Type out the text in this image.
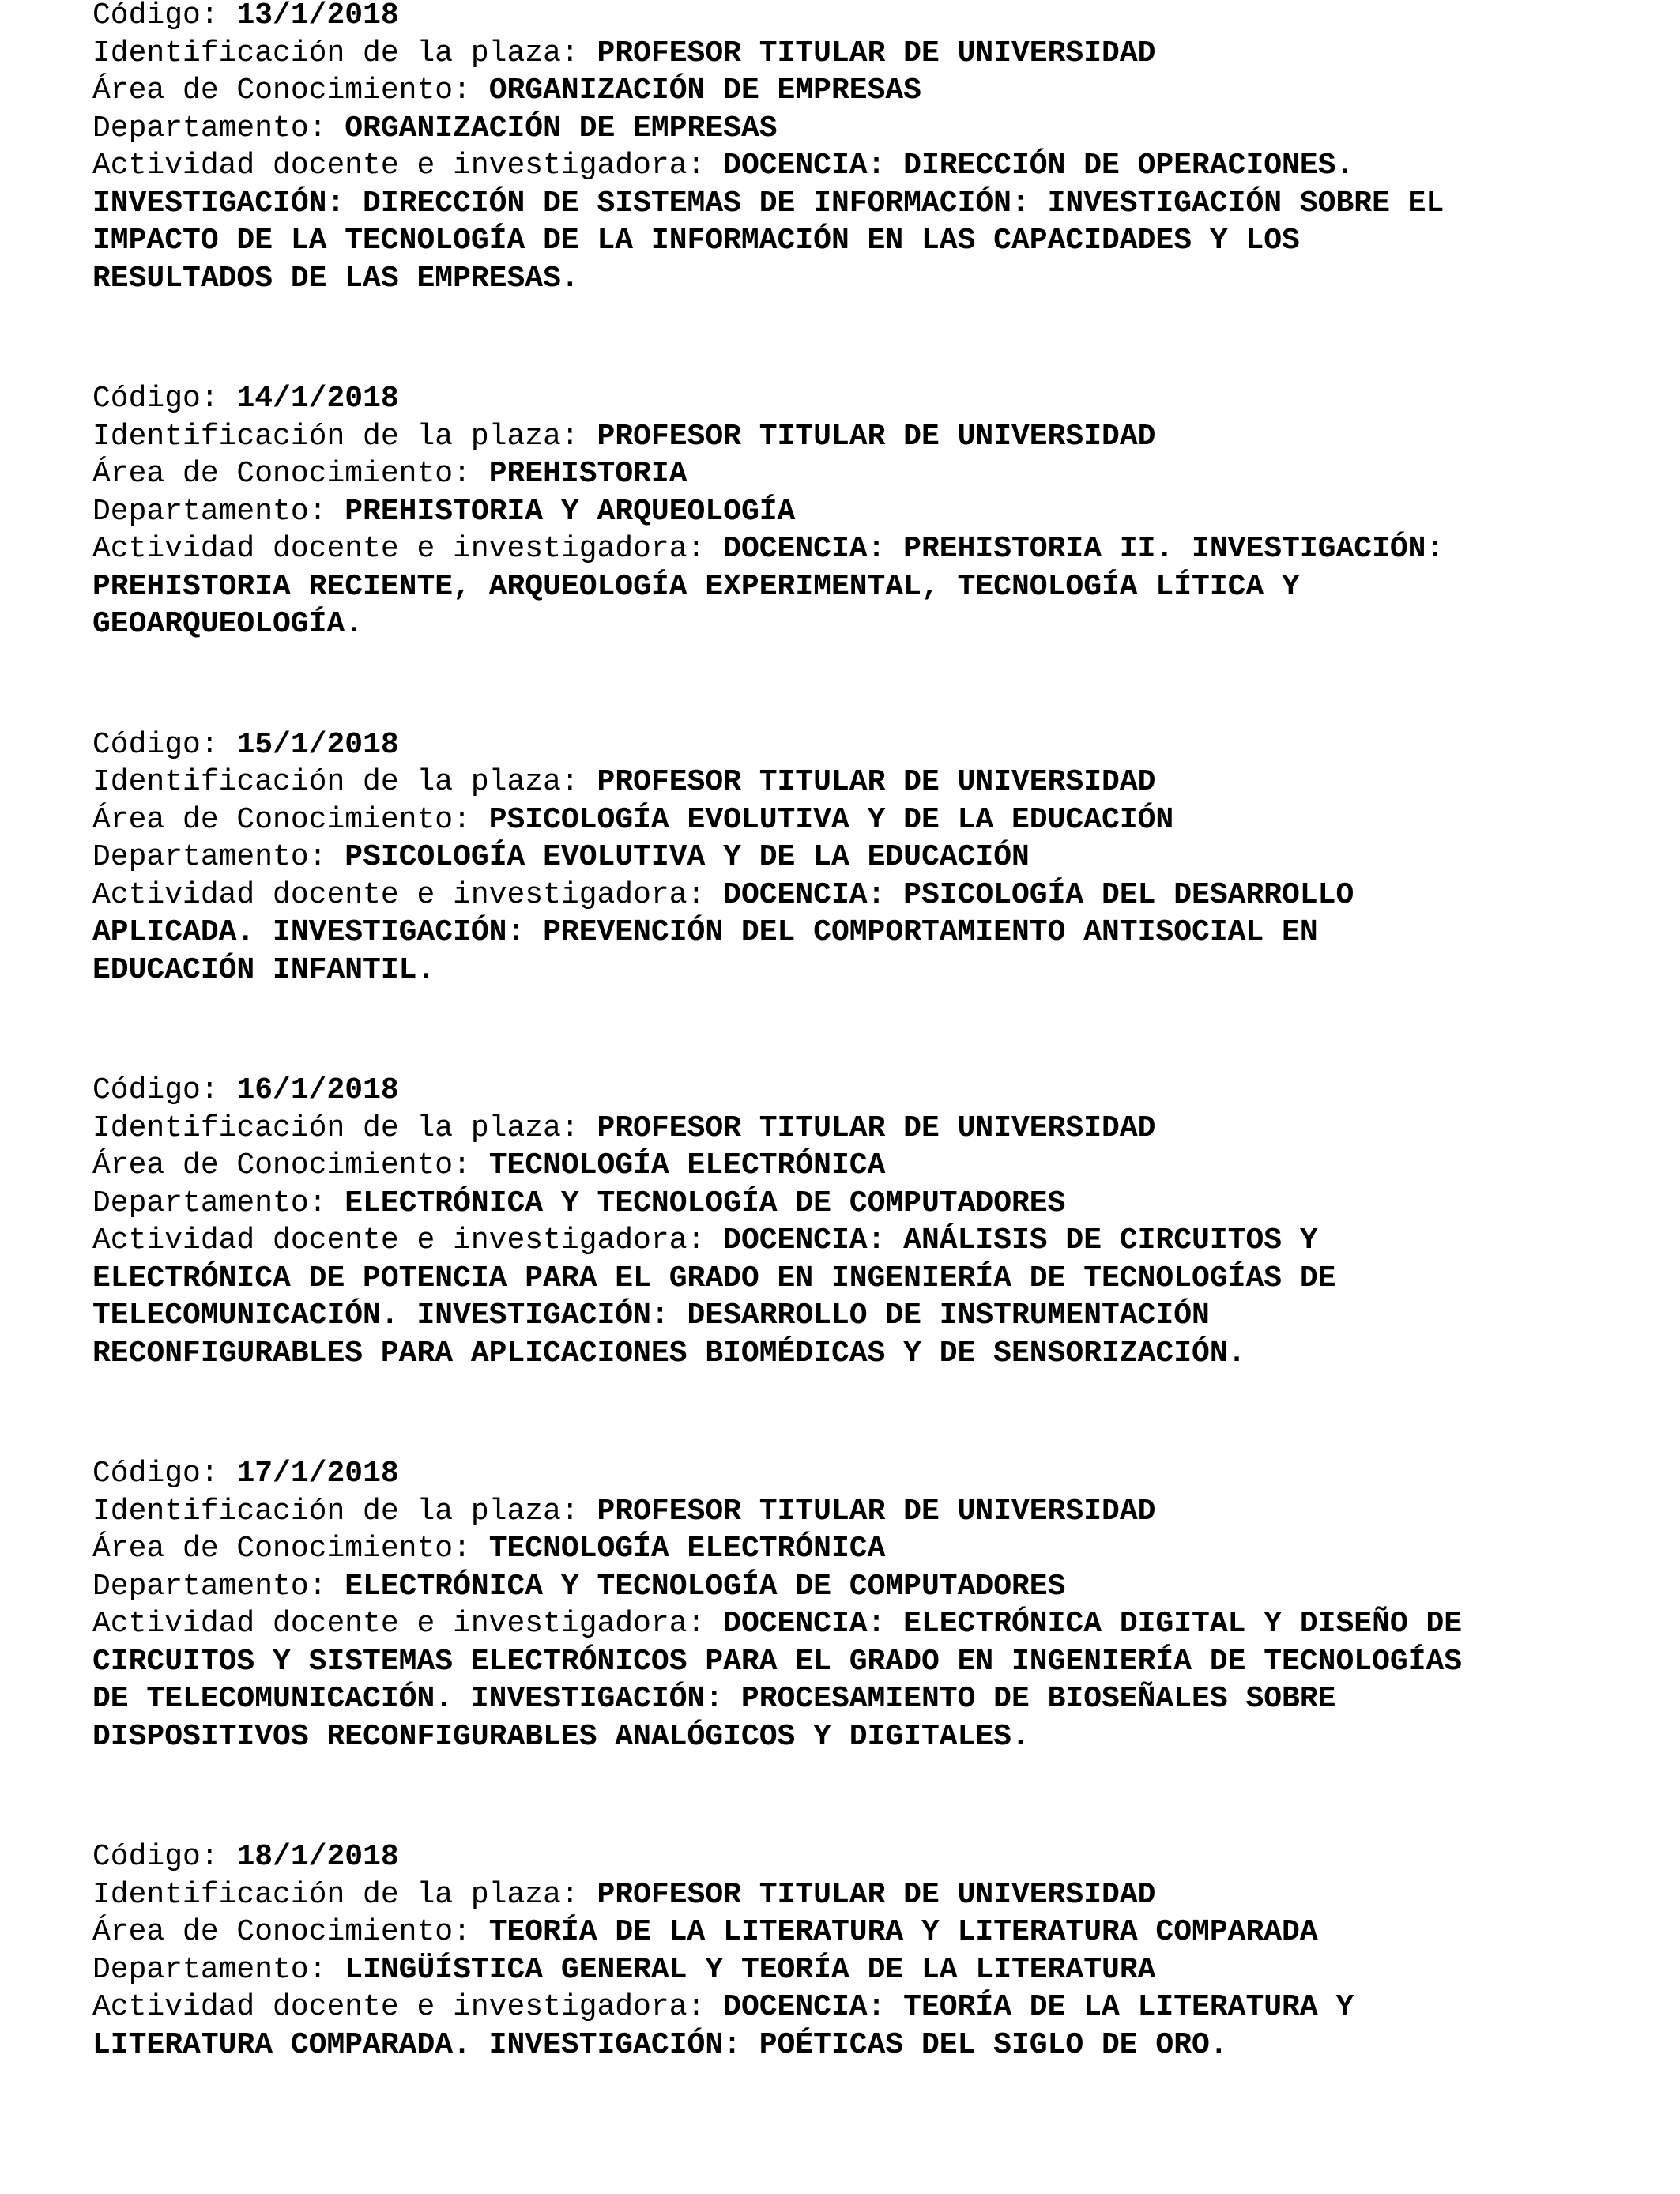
Código: 13/1/2018
Identificación de la plaza: PROFESOR TITULAR DE UNIVERSIDAD
Área de Conocimiento: ORGANIZACIÓN DE EMPRESAS
Departamento: ORGANIZACIÓN DE EMPRESAS
Actividad docente e investigadora: DOCENCIA: DIRECCIÓN DE OPERACIONES.
INVESTIGACIÓN: DIRECCIÓN DE SISTEMAS DE INFORMACIÓN: INVESTIGACIÓN SOBRE EL
IMPACTO DE LA TECNOLOGÍA DE LA INFORMACIÓN EN LAS CAPACIDADES Y LOS
RESULTADOS DE LAS EMPRESAS.
Código: 14/1/2018
Identificación de la plaza: PROFESOR TITULAR DE UNIVERSIDAD
Área de Conocimiento: PREHISTORIA
Departamento: PREHISTORIA Y ARQUEOLOGÍA
Actividad docente e investigadora: DOCENCIA: PREHISTORIA II. INVESTIGACIÓN:
PREHISTORIA RECIENTE, ARQUEOLOGÍA EXPERIMENTAL, TECNOLOGÍA LÍTICA Y
GEOARQUEOLOGÍA.
Código: 15/1/2018
Identificación de la plaza: PROFESOR TITULAR DE UNIVERSIDAD
Área de Conocimiento: PSICOLOGÍA EVOLUTIVA Y DE LA EDUCACIÓN
Departamento: PSICOLOGÍA EVOLUTIVA Y DE LA EDUCACIÓN
Actividad docente e investigadora: DOCENCIA: PSICOLOGÍA DEL DESARROLLO
APLICADA. INVESTIGACIÓN: PREVENCIÓN DEL COMPORTAMIENTO ANTISOCIAL EN
EDUCACIÓN INFANTIL.
Código: 16/1/2018
Identificación de la plaza: PROFESOR TITULAR DE UNIVERSIDAD
Área de Conocimiento: TECNOLOGÍA ELECTRÓNICA
Departamento: ELECTRÓNICA Y TECNOLOGÍA DE COMPUTADORES
Actividad docente e investigadora: DOCENCIA: ANÁLISIS DE CIRCUITOS Y
ELECTRÓNICA DE POTENCIA PARA EL GRADO EN INGENIERÍA DE TECNOLOGÍAS DE
TELECOMUNICACIÓN. INVESTIGACIÓN: DESARROLLO DE INSTRUMENTACIÓN
RECONFIGURABLES PARA APLICACIONES BIOMÉDICAS Y DE SENSORIZACIÓN.
Código: 17/1/2018
Identificación de la plaza: PROFESOR TITULAR DE UNIVERSIDAD
Área de Conocimiento: TECNOLOGÍA ELECTRÓNICA
Departamento: ELECTRÓNICA Y TECNOLOGÍA DE COMPUTADORES
Actividad docente e investigadora: DOCENCIA: ELECTRÓNICA DIGITAL Y DISEÑO DE
CIRCUITOS Y SISTEMAS ELECTRÓNICOS PARA EL GRADO EN INGENIERÍA DE TECNOLOGÍAS
DE TELECOMUNICACIÓN. INVESTIGACIÓN: PROCESAMIENTO DE BIOSEÑALES SOBRE
DISPOSITIVOS RECONFIGURABLES ANALÓGICOS Y DIGITALES.
Código: 18/1/2018
Identificación de la plaza: PROFESOR TITULAR DE UNIVERSIDAD
Área de Conocimiento: TEORÍA DE LA LITERATURA Y LITERATURA COMPARADA
Departamento: LINGÜÍSTICA GENERAL Y TEORÍA DE LA LITERATURA
Actividad docente e investigadora: DOCENCIA: TEORÍA DE LA LITERATURA Y
LITERATURA COMPARADA. INVESTIGACIÓN: POÉTICAS DEL SIGLO DE ORO.
